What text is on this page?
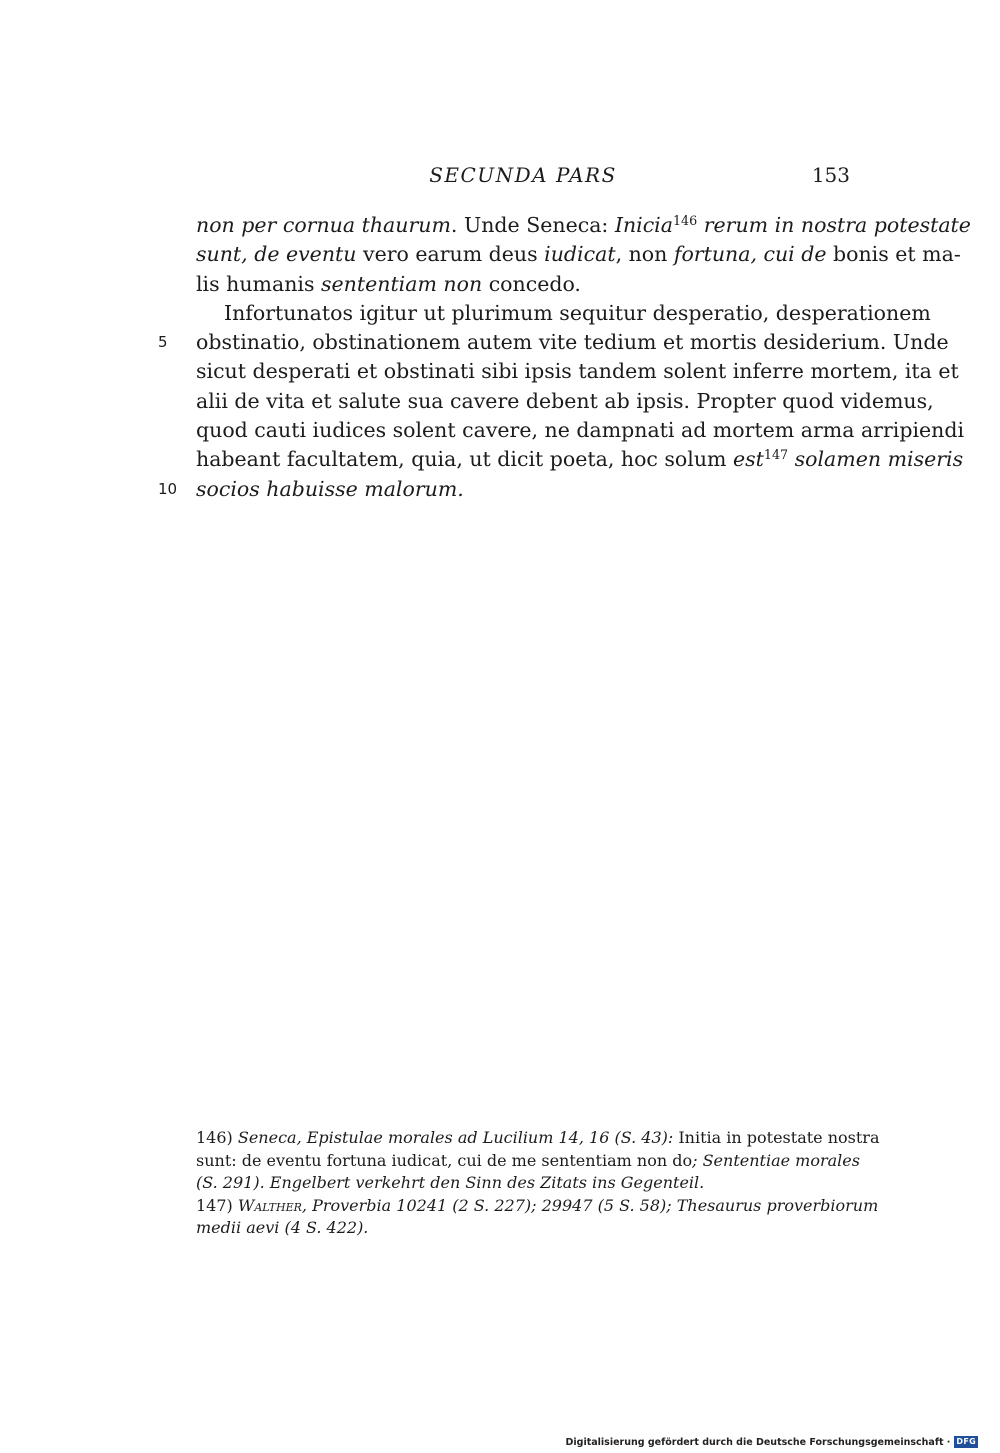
SECUNDA PARS	153
non per cornua thaurum. Unde Seneca: Inicia$^{146}$ rerum in nostra potestate
sunt, de eventu vero earum deus iudicat, non fortuna, cui de bonis et ma-
lis humanis sententiam non concedo.
Infortunatos igitur ut plurimum sequitur desperatio, desperationem
5 obstinatio, obstinationem autem vite tedium et mortis desiderium. Unde
sicut desperati et obstinati sibi ipsis tandem solent inferre mortem, ita et
alii de vita et salute sua cavere debent ab ipsis. Propter quod videmus,
quod cauti iudices solent cavere, ne dampnati ad mortem arma arripiendi
habeant facultatem, quia, ut dicit poeta, hoc solum est$^{147}$ solamen miseris
10 socios habuisse malorum.
146) Seneca, Epistulae morales ad Lucilium 14, 16 (S. 43): Initia in potestate nostra
sunt: de eventu fortuna iudicat, cui de me sententiam non do; Sententiae morales
(S. 291). Engelbert verkehrt den Sinn des Zitats ins Gegenteil.
147) Walther, Proverbia 10241 (2 S. 227); 29947 (5 S. 58); Thesaurus proverbiorum
medii aevi (4 S. 422).
Digitalisierung gefördert durch die Deutsche Forschungsgemeinschaft · DFG
